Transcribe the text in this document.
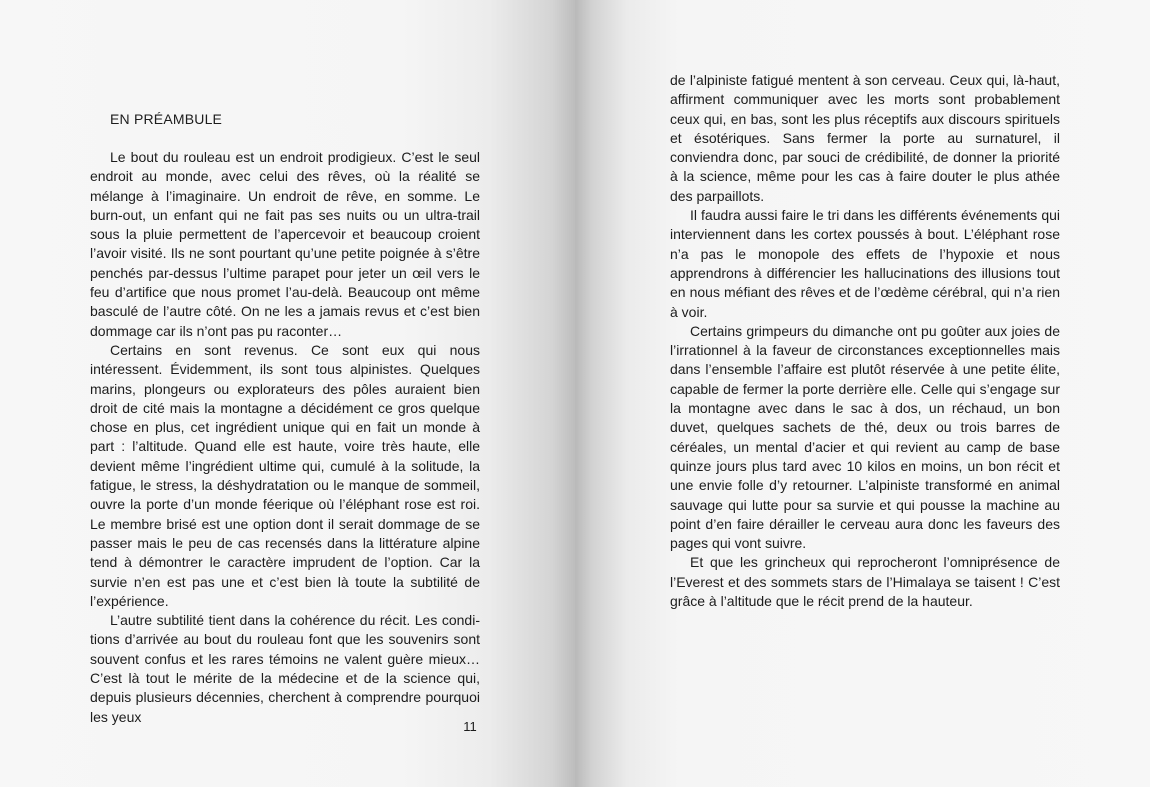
EN PRÉAMBULE

Le bout du rouleau est un endroit prodigieux. C’est le seul endroit au monde, avec celui des rêves, où la réalité se mélange à l’imaginaire. Un endroit de rêve, en somme. Le burn-out, un enfant qui ne fait pas ses nuits ou un ultra-trail sous la pluie permettent de l’apercevoir et beaucoup croient l’avoir visité. Ils ne sont pourtant qu’une petite poignée à s’être penchés par-dessus l’ultime parapet pour jeter un œil vers le feu d’artifice que nous promet l’au-delà. Beaucoup ont même basculé de l’autre côté. On ne les a jamais revus et c’est bien dommage car ils n’ont pas pu raconter…

Certains en sont revenus. Ce sont eux qui nous intéressent. Évidemment, ils sont tous alpinistes. Quelques marins, plongeurs ou explorateurs des pôles auraient bien droit de cité mais la montagne a décidément ce gros quelque chose en plus, cet ingrédient unique qui en fait un monde à part : l’altitude. Quand elle est haute, voire très haute, elle devient même l’ingrédient ultime qui, cumulé à la solitude, la fatigue, le stress, la déshydratation ou le manque de sommeil, ouvre la porte d’un monde féerique où l’éléphant rose est roi. Le membre brisé est une option dont il serait dommage de se passer mais le peu de cas recensés dans la littérature alpine tend à démontrer le caractère imprudent de l’option. Car la survie n’en est pas une et c’est bien là toute la subtilité de l’expérience.

L’autre subtilité tient dans la cohérence du récit. Les conditions d’arrivée au bout du rouleau font que les souvenirs sont souvent confus et les rares témoins ne valent guère mieux… C’est là tout le mérite de la médecine et de la science qui, depuis plusieurs décennies, cherchent à comprendre pourquoi les yeux

11

de l’alpiniste fatigué mentent à son cerveau. Ceux qui, là-haut, affirment communiquer avec les morts sont probablement ceux qui, en bas, sont les plus réceptifs aux discours spirituels et ésotériques. Sans fermer la porte au surnaturel, il conviendra donc, par souci de crédibilité, de donner la priorité à la science, même pour les cas à faire douter le plus athée des parpaillots.

Il faudra aussi faire le tri dans les différents événements qui interviennent dans les cortex poussés à bout. L’éléphant rose n’a pas le monopole des effets de l’hypoxie et nous apprendrons à différencier les hallucinations des illusions tout en nous méfiant des rêves et de l’œdème cérébral, qui n’a rien à voir.

Certains grimpeurs du dimanche ont pu goûter aux joies de l’irrationnel à la faveur de circonstances exceptionnelles mais dans l’ensemble l’affaire est plutôt réservée à une petite élite, capable de fermer la porte derrière elle. Celle qui s’engage sur la montagne avec dans le sac à dos, un réchaud, un bon duvet, quelques sachets de thé, deux ou trois barres de céréales, un mental d’acier et qui revient au camp de base quinze jours plus tard avec 10 kilos en moins, un bon récit et une envie folle d’y retourner. L’alpiniste transformé en animal sauvage qui lutte pour sa survie et qui pousse la machine au point d’en faire dérailler le cerveau aura donc les faveurs des pages qui vont suivre.

Et que les grincheux qui reprocheront l’omniprésence de l’Everest et des sommets stars de l’Himalaya se taisent ! C’est grâce à l’altitude que le récit prend de la hauteur.
